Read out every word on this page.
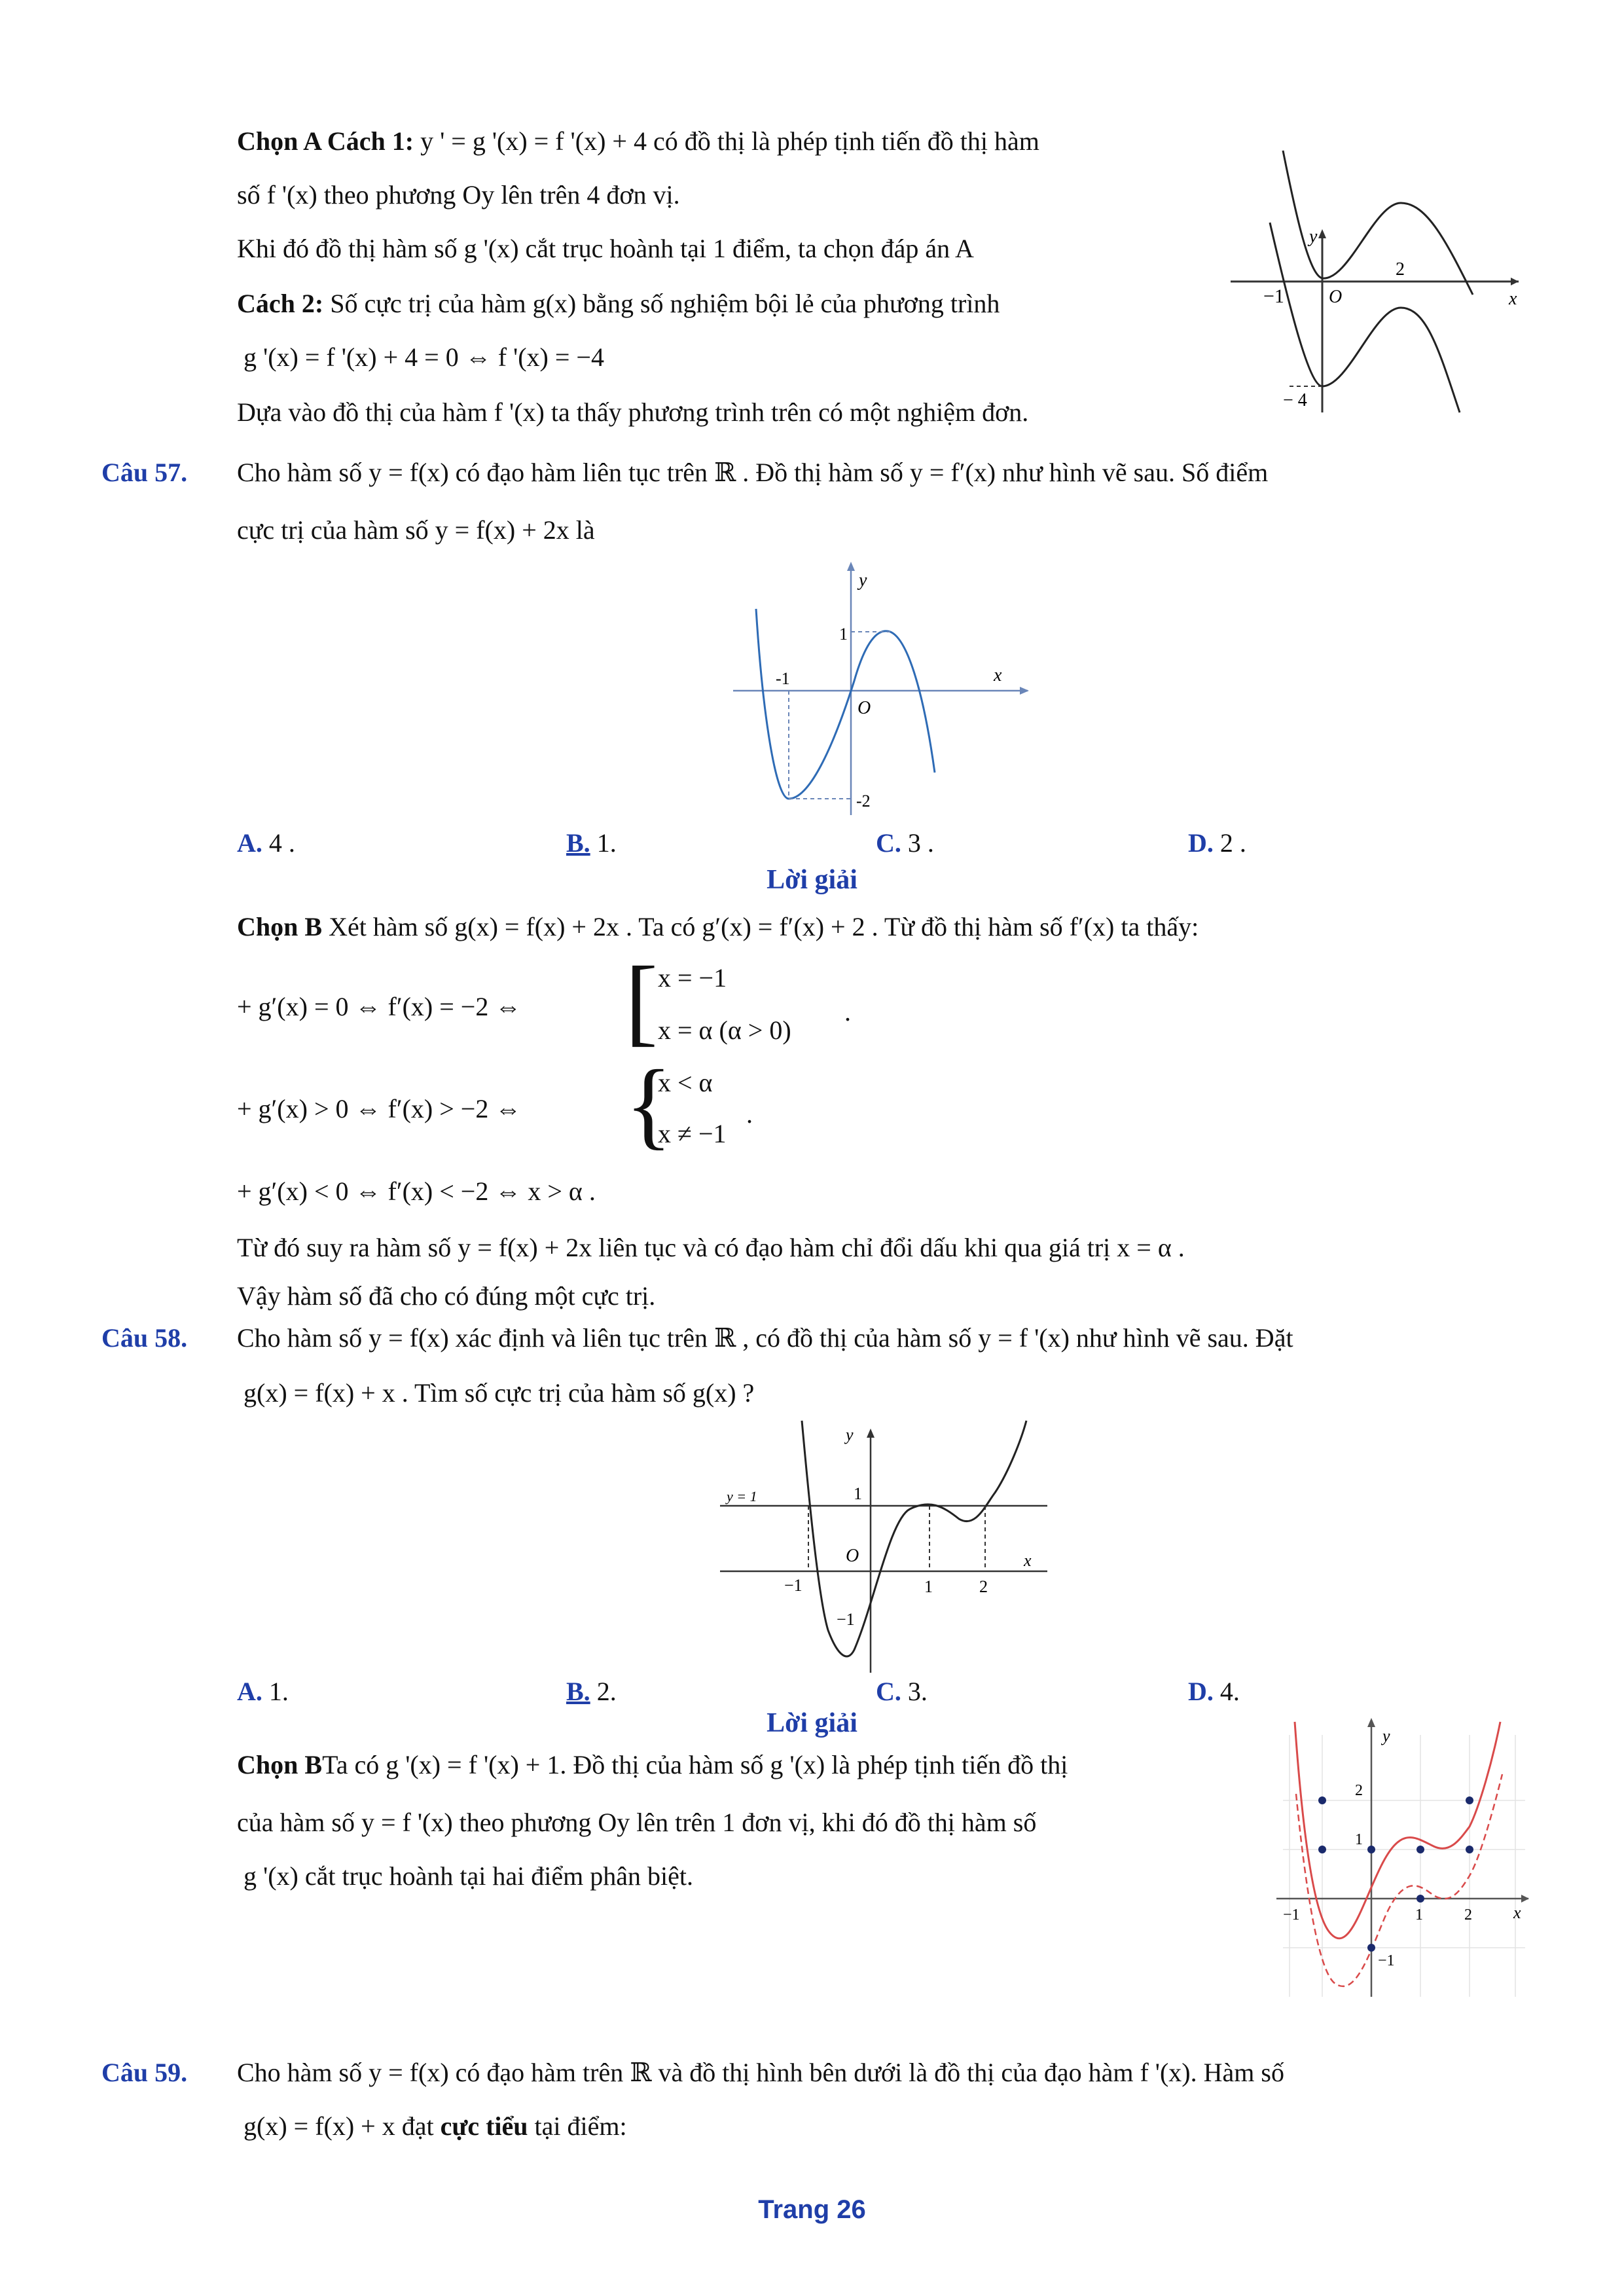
Chọn A Cách 1: y ' = g '(x) = f '(x) + 4 có đồ thị là phép tịnh tiến đồ thị hàm
số f '(x) theo phương Oy lên trên 4 đơn vị.
Khi đó đồ thị hàm số g '(x) cắt trục hoành tại 1 điểm, ta chọn đáp án A
Cách 2: Số cực trị của hàm g(x) bằng số nghiệm bội lẻ của phương trình
g '(x) = f '(x) + 4 = 0 ⇔ f '(x) = −4
Dựa vào đồ thị của hàm f '(x) ta thấy phương trình trên có một nghiệm đơn.
y
x
O
−1
2
− 4
Câu 57. Cho hàm số y = f(x) có đạo hàm liên tục trên ℝ . Đồ thị hàm số y = f′(x) như hình vẽ sau. Số điểm
cực trị của hàm số y = f(x) + 2x là
y
x
O
1
-1
-2
A. 4 .	B. 1.	C. 3 .	D. 2 .
Lời giải
Chọn B Xét hàm số g(x) = f(x) + 2x . Ta có g′(x) = f′(x) + 2 . Từ đồ thị hàm số f′(x) ta thấy:
+ g′(x) = 0 ⇔ f′(x) = −2 ⇔ [ x = −1
x = α (α > 0)
.
+ g′(x) > 0 ⇔ f′(x) > −2 ⇔ {
x < α
x ≠ −1
.
+ g′(x) < 0 ⇔ f′(x) < −2 ⇔ x > α .
Từ đó suy ra hàm số y = f(x) + 2x liên tục và có đạo hàm chỉ đổi dấu khi qua giá trị x = α .
Vậy hàm số đã cho có đúng một cực trị.
Câu 58. Cho hàm số y = f(x) xác định và liên tục trên ℝ , có đồ thị của hàm số y = f '(x) như hình vẽ sau. Đặt
g(x) = f(x) + x . Tìm số cực trị của hàm số g(x) ?
y
x
O
y = 1	1
−1	1	2
−1
A. 1.	B. 2.	C. 3.	D. 4.
Lời giải
Chọn BTa có g '(x) = f '(x) + 1. Đồ thị của hàm số g '(x) là phép tịnh tiến đồ thị
của hàm số y = f '(x) theo phương Oy lên trên 1 đơn vị, khi đó đồ thị hàm số
g '(x) cắt trục hoành tại hai điểm phân biệt.
y
x
2
1
−1	1	2
−1
Câu 59. Cho hàm số y = f(x) có đạo hàm trên ℝ và đồ thị hình bên dưới là đồ thị của đạo hàm f '(x). Hàm số
g(x) = f(x) + x đạt cực tiểu tại điểm:
Trang 26
